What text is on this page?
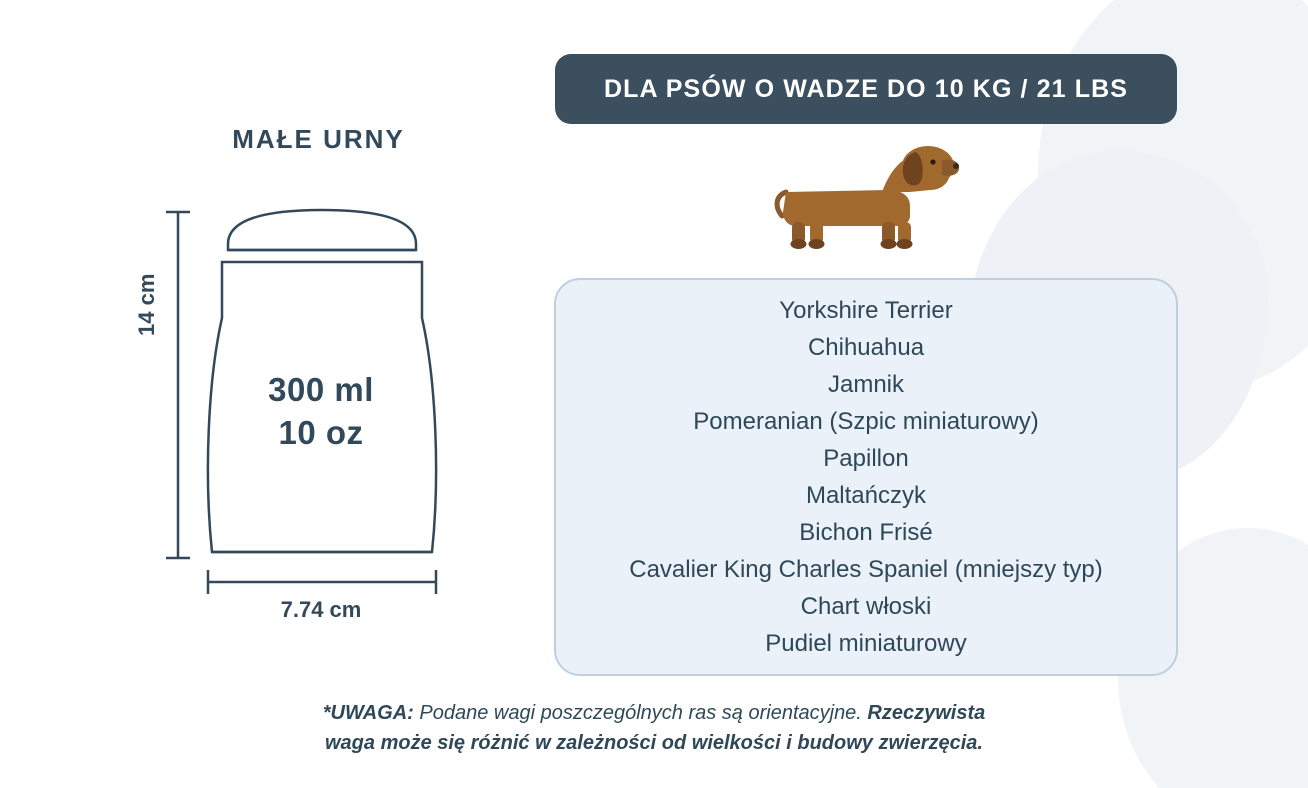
MAŁE URNY
14 cm
7.74 cm
300 ml
10 oz
DLA PSÓW O WADZE DO 10 KG / 21 LBS
Yorkshire Terrier
Chihuahua
Jamnik
Pomeranian (Szpic miniaturowy)
Papillon
Maltańczyk
Bichon Frisé
Cavalier King Charles Spaniel (mniejszy typ)
Chart włoski
Pudiel miniaturowy
*UWAGA: Podane wagi poszczególnych ras są orientacyjne. Rzeczywista
waga może się różnić w zależności od wielkości i budowy zwierzęcia.
